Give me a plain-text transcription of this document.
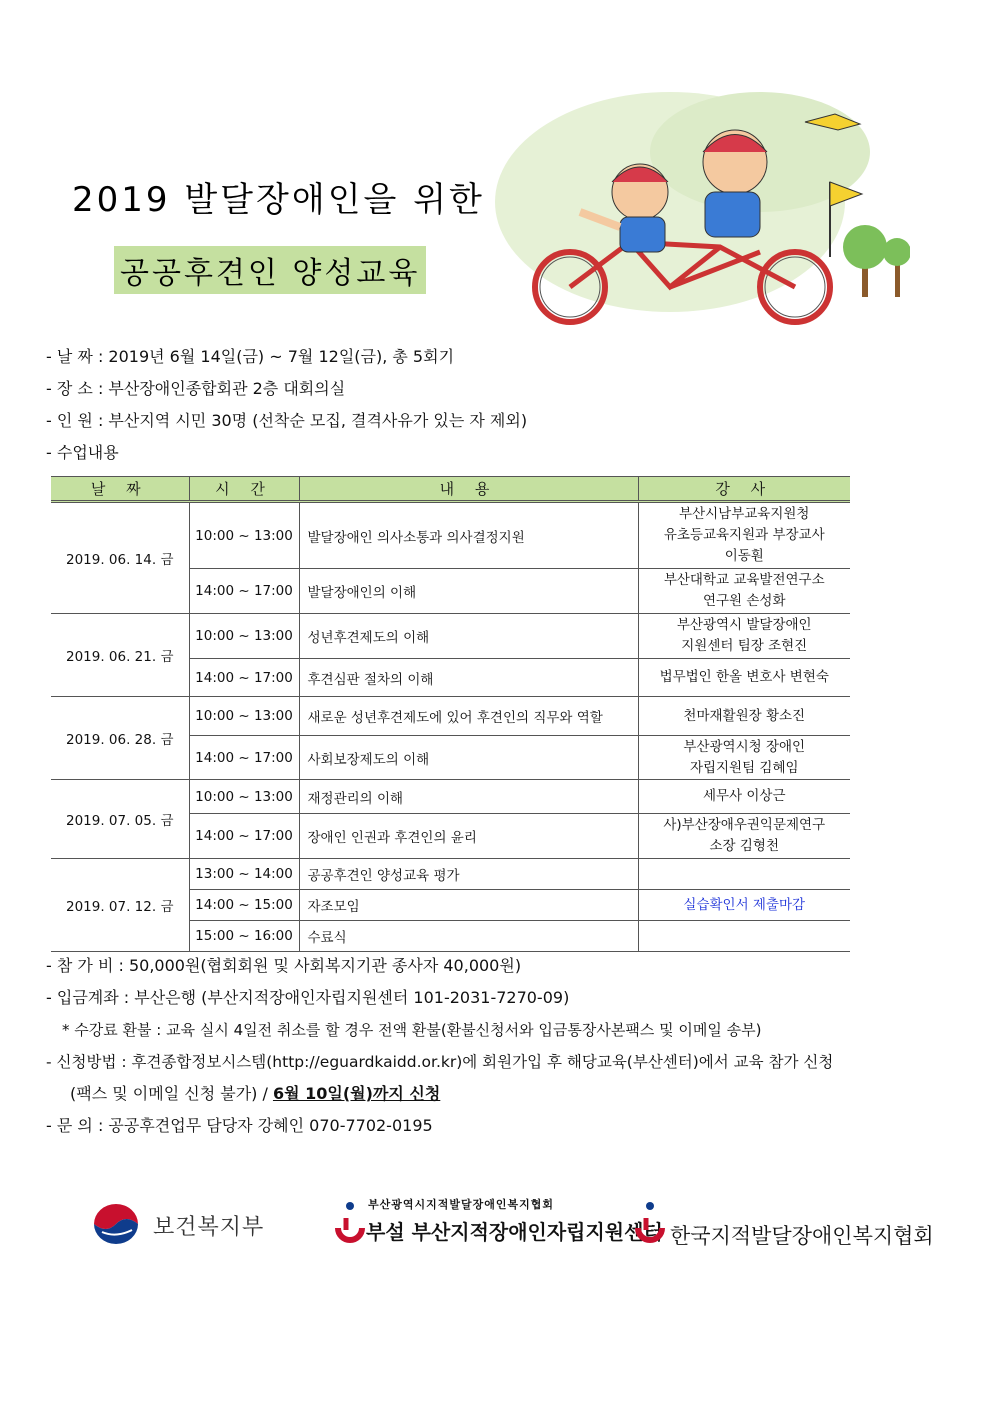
2019 발달장애인을 위한
공공후견인 양성교육
- 날 짜 : 2019년 6월 14일(금) ~ 7월 12일(금), 총 5회기
- 장 소 : 부산장애인종합회관 2층 대회의실
- 인 원 : 부산지역 시민 30명 (선착순 모집, 결격사유가 있는 자 제외)
- 수업내용
날 짜	시 간	내 용	강 사
2019. 06. 14. 금	10:00 ~ 13:00	발달장애인 의사소통과 의사결정지원	부산시남부교육지원청
유초등교육지원과 부장교사
이동훤

	14:00 ~ 17:00	발달장애인의 이해	부산대학교 교육발전연구소
연구원 손성화

2019. 06. 21. 금	10:00 ~ 13:00	성년후견제도의 이해	부산광역시 발달장애인
지원센터 팀장 조현진

	14:00 ~ 17:00	후견심판 절차의 이해	법무법인 한올 변호사 변현숙
2019. 06. 28. 금	10:00 ~ 13:00	새로운 성년후견제도에 있어 후견인의 직무와 역할	천마재활원장 황소진
	14:00 ~ 17:00	사회보장제도의 이해	부산광역시청 장애인
자립지원팀 김혜임

2019. 07. 05. 금	10:00 ~ 13:00	재정관리의 이해	세무사 이상근
	14:00 ~ 17:00	장애인 인권과 후견인의 윤리	사)부산장애우권익문제연구
소장 김형천

2019. 07. 12. 금	13:00 ~ 14:00	공공후견인 양성교육 평가	
	14:00 ~ 15:00	자조모임	실습확인서 제출마감
	15:00 ~ 16:00	수료식	
- 참 가 비 : 50,000원(협회회원 및 사회복지기관 종사자 40,000원)
- 입금계좌 : 부산은행 (부산지적장애인자립지원센터 101-2031-7270-09)
* 수강료 환불 : 교육 실시 4일전 취소를 할 경우 전액 환불(환불신청서와 입금통장사본팩스 및 이메일 송부)
- 신청방법 : 후견종합정보시스템(http://eguardkaidd.or.kr)에 회원가입 후 해당교육(부산센터)에서 교육 참가 신청
(팩스 및 이메일 신청 불가) / 6월 10일(월)까지 신청
- 문 의 : 공공후견업무 담당자 강혜인 070-7702-0195
보건복지부
부산광역시지적발달장애인복지협회
부설 부산지적장애인자립지원센터 한국지적발달장애인복지협회
